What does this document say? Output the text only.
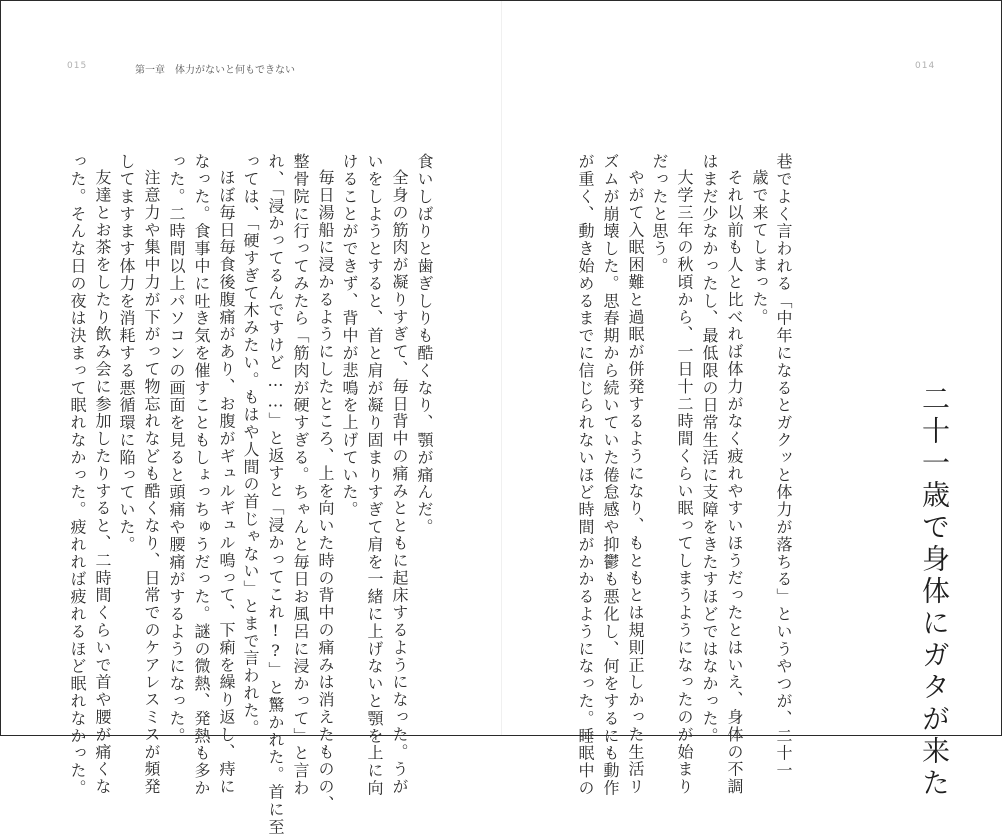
015	第一章 体力がないと何もできない	014
二十一歳で身体にガタが来た
巷でよく言われる「中年になるとガクッと体力が落ちる」というやつが、二十一
歳で来てしまった。
それ以前も人と比べれば体力がなく疲れやすいほうだったとはいえ、身体の不調
はまだ少なかったし、最低限の日常生活に支障をきたすほどではなかった。
大学三年の秋頃から、一日十二時間くらい眠ってしまうようになったのが始まり
だったと思う。
やがて入眠困難と過眠が併発するようになり、もともとは規則正しかった生活リ
ズムが崩壊した。思春期から続いていた倦怠感や抑鬱も悪化し、何をするにも動作
が重く、動き始めるまでに信じられないほど時間がかかるようになった。睡眠中の
食いしばりと歯ぎしりも酷くなり、顎が痛んだ。
全身の筋肉が凝りすぎて、毎日背中の痛みとともに起床するようになった。うが
いをしようとすると、首と肩が凝り固まりすぎて肩を一緒に上げないと顎を上に向
けることができず、背中が悲鳴を上げていた。
毎日湯船に浸かるようにしたところ、上を向いた時の背中の痛みは消えたものの、
整骨院に行ってみたら「筋肉が硬すぎる。ちゃんと毎日お風呂に浸かって」と言わ
れ、「浸かってるんですけど……」と返すと「浸かってこれ!?」と驚かれた。首に至
っては、「硬すぎて木みたい。もはや人間の首じゃない」とまで言われた。
ほぼ毎日毎食後腹痛があり、お腹がギュルギュル鳴って、下痢を繰り返し、痔に
なった。食事中に吐き気を催すこともしょっちゅうだった。謎の微熱、発熱も多か
った。二時間以上パソコンの画面を見ると頭痛や腰痛がするようになった。
注意力や集中力が下がって物忘れなども酷くなり、日常でのケアレスミスが頻発
してますます体力を消耗する悪循環に陥っていた。
友達とお茶をしたり飲み会に参加したりすると、二時間くらいで首や腰が痛くな
った。そんな日の夜は決まって眠れなかった。疲れれば疲れるほど眠れなかった。
